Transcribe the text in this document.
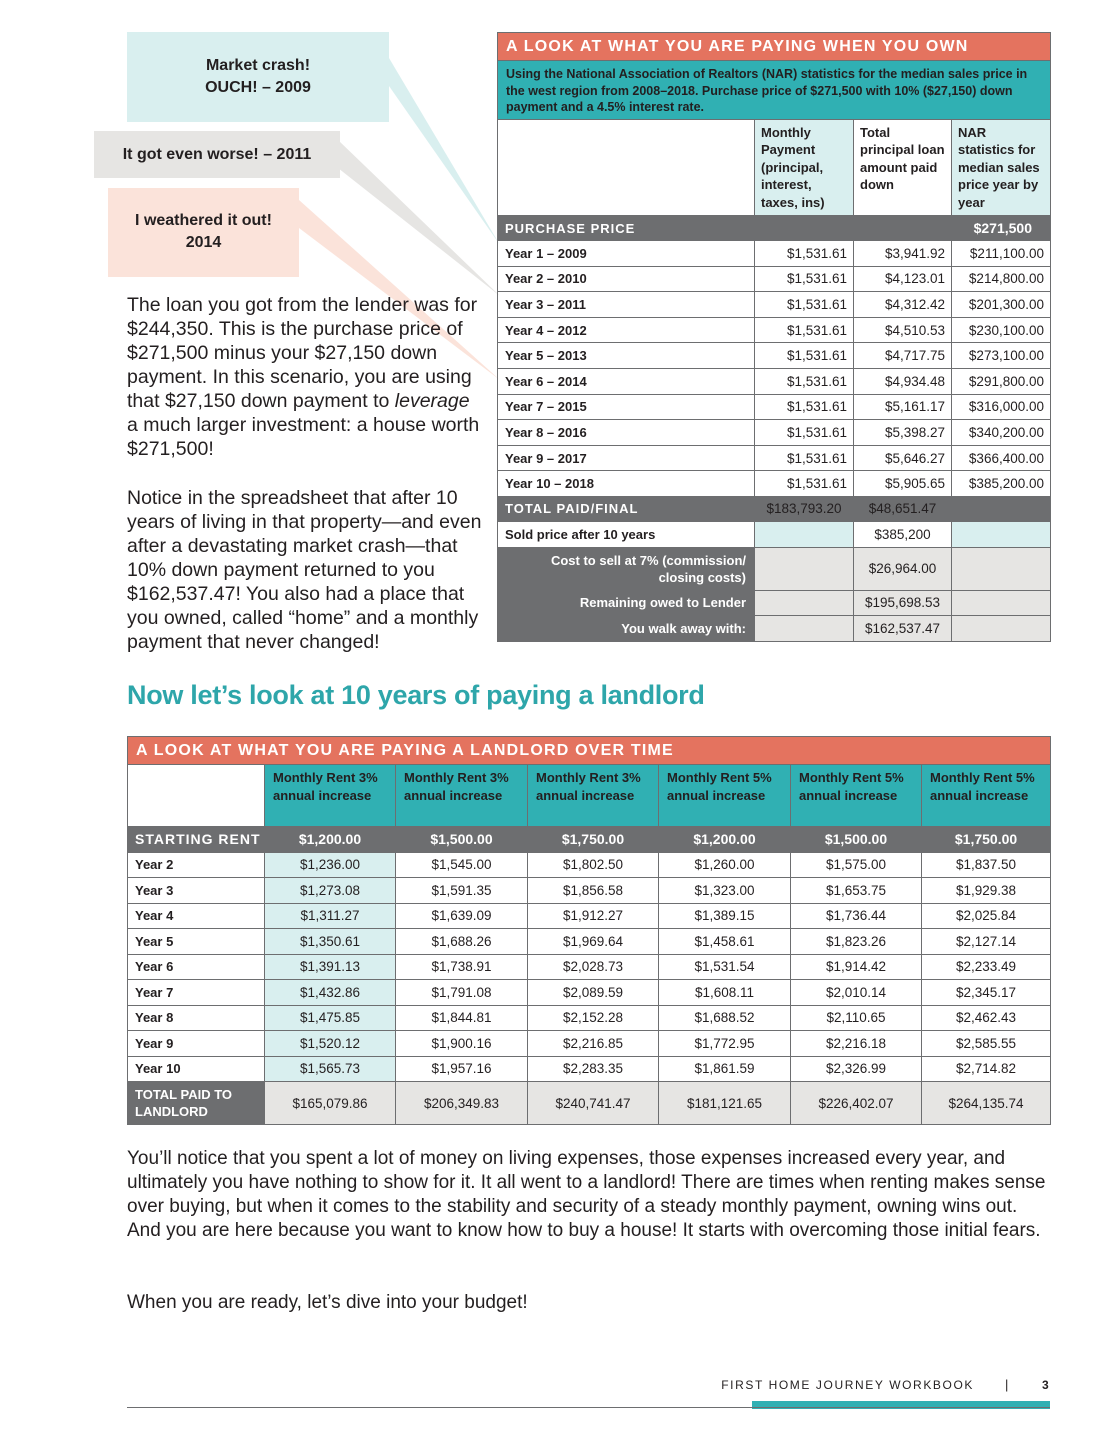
Market crash!
OUCH! – 2009
It got even worse! – 2011
I weathered it out!
2014
The loan you got from the lender was for $244,350. This is the purchase price of $271,500 minus your $27,150 down payment. In this scenario, you are using that $27,150 down payment to leverage a much larger investment: a house worth $271,500!
Notice in the spreadsheet that after 10 years of living in that property—and even after a devastating market crash—that 10% down payment returned to you $162,537.47! You also had a place that you owned, called “home” and a monthly payment that never changed!
A LOOK AT WHAT YOU ARE PAYING WHEN YOU OWN			
Using the National Association of Realtors (NAR) statistics for the median sales price in the west region from 2008–2018. Purchase price of $271,500 with 10% ($27,150) down payment and a 4.5% interest rate.			
	Monthly Payment (principal, interest, taxes, ins)	Total principal loan amount paid down	NAR statistics for median sales price year by year
PURCHASE PRICE			$271,500
Year 1 – 2009	$1,531.61	$3,941.92	$211,100.00
Year 2 – 2010	$1,531.61	$4,123.01	$214,800.00
Year 3 – 2011	$1,531.61	$4,312.42	$201,300.00
Year 4 – 2012	$1,531.61	$4,510.53	$230,100.00
Year 5 – 2013	$1,531.61	$4,717.75	$273,100.00
Year 6 – 2014	$1,531.61	$4,934.48	$291,800.00
Year 7 – 2015	$1,531.61	$5,161.17	$316,000.00
Year 8 – 2016	$1,531.61	$5,398.27	$340,200.00
Year 9 – 2017	$1,531.61	$5,646.27	$366,400.00
Year 10 – 2018	$1,531.61	$5,905.65	$385,200.00
TOTAL PAID/FINAL	$183,793.20	$48,651.47	
Sold price after 10 years		$385,200	
Cost to sell at 7% (commission/ closing costs)		$26,964.00	
Remaining owed to Lender		$195,698.53	
You walk away with:		$162,537.47	
Now let’s look at 10 years of paying a landlord
A LOOK AT WHAT YOU ARE PAYING A LANDLORD OVER TIME						
	Monthly Rent 3% annual increase	Monthly Rent 3% annual increase	Monthly Rent 3% annual increase	Monthly Rent 5% annual increase	Monthly Rent 5% annual increase	Monthly Rent 5% annual increase
STARTING RENT	$1,200.00	$1,500.00	$1,750.00	$1,200.00	$1,500.00	$1,750.00
Year 2	$1,236.00	$1,545.00	$1,802.50	$1,260.00	$1,575.00	$1,837.50
Year 3	$1,273.08	$1,591.35	$1,856.58	$1,323.00	$1,653.75	$1,929.38
Year 4	$1,311.27	$1,639.09	$1,912.27	$1,389.15	$1,736.44	$2,025.84
Year 5	$1,350.61	$1,688.26	$1,969.64	$1,458.61	$1,823.26	$2,127.14
Year 6	$1,391.13	$1,738.91	$2,028.73	$1,531.54	$1,914.42	$2,233.49
Year 7	$1,432.86	$1,791.08	$2,089.59	$1,608.11	$2,010.14	$2,345.17
Year 8	$1,475.85	$1,844.81	$2,152.28	$1,688.52	$2,110.65	$2,462.43
Year 9	$1,520.12	$1,900.16	$2,216.85	$1,772.95	$2,216.18	$2,585.55
Year 10	$1,565.73	$1,957.16	$2,283.35	$1,861.59	$2,326.99	$2,714.82
TOTAL PAID TO LANDLORD	$165,079.86	$206,349.83	$240,741.47	$181,121.65	$226,402.07	$264,135.74
You’ll notice that you spent a lot of money on living expenses, those expenses increased every year, and ultimately you have nothing to show for it. It all went to a landlord! There are times when renting makes sense over buying, but when it comes to the stability and security of a steady monthly payment, owning wins out. And you are here because you want to know how to buy a house! It starts with overcoming those initial fears.
When you are ready, let’s dive into your budget!
FIRST HOME JOURNEY WORKBOOK |	3
